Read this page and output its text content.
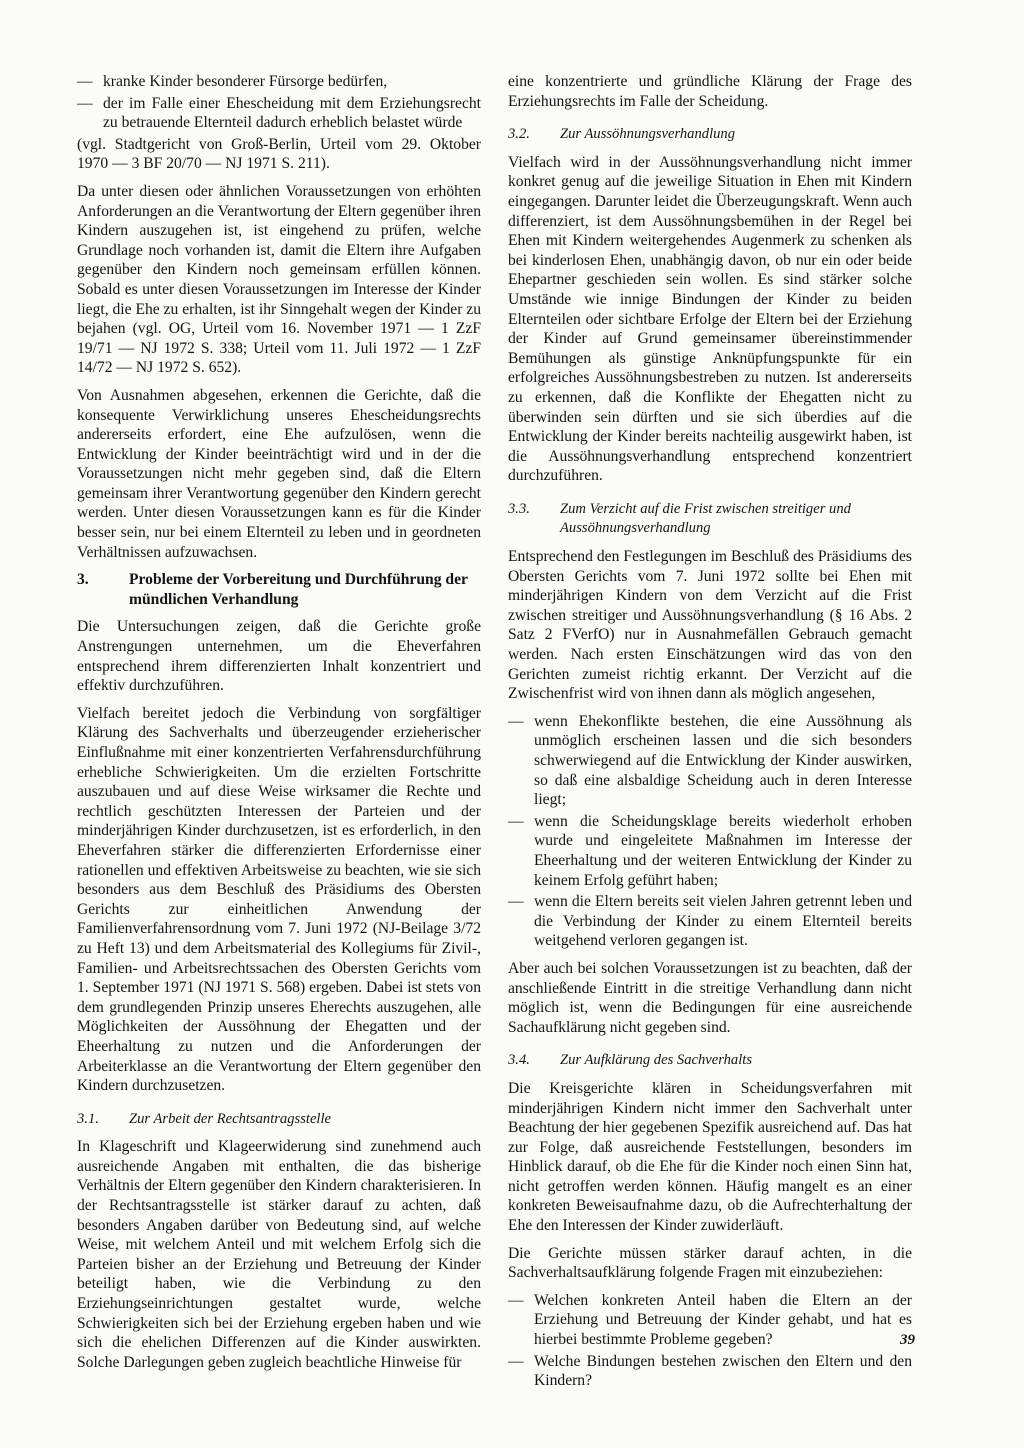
— kranke Kinder besonderer Fürsorge bedürfen,
— der im Falle einer Ehescheidung mit dem Erziehungsrecht zu betrauende Elternteil dadurch erheblich belastet würde

(vgl. Stadtgericht von Groß-Berlin, Urteil vom 29. Oktober 1970 — 3 BF 20/70 — NJ 1971 S. 211).

Da unter diesen oder ähnlichen Voraussetzungen von erhöhten Anforderungen an die Verantwortung der Eltern gegenüber ihren Kindern auszugehen ist, ist eingehend zu prüfen, welche Grundlage noch vorhanden ist, damit die Eltern ihre Aufgaben gegenüber den Kindern noch gemeinsam erfüllen können. Sobald es unter diesen Voraussetzungen im Interesse der Kinder liegt, die Ehe zu erhalten, ist ihr Sinngehalt wegen der Kinder zu bejahen (vgl. OG, Urteil vom 16. November 1971 — 1 ZzF 19/71 — NJ 1972 S. 338; Urteil vom 11. Juli 1972 — 1 ZzF 14/72 — NJ 1972 S. 652).

Von Ausnahmen abgesehen, erkennen die Gerichte, daß die konsequente Verwirklichung unseres Ehescheidungsrechts andererseits erfordert, eine Ehe aufzulösen, wenn die Entwicklung der Kinder beeinträchtigt wird und in der die Voraussetzungen nicht mehr gegeben sind, daß die Eltern gemeinsam ihrer Verantwortung gegenüber den Kindern gerecht werden. Unter diesen Voraussetzungen kann es für die Kinder besser sein, nur bei einem Elternteil zu leben und in geordneten Verhältnissen aufzuwachsen.

3.	Probleme der Vorbereitung und Durchführung der mündlichen Verhandlung

Die Untersuchungen zeigen, daß die Gerichte große Anstrengungen unternehmen, um die Eheverfahren entsprechend ihrem differenzierten Inhalt konzentriert und effektiv durchzuführen.

Vielfach bereitet jedoch die Verbindung von sorgfältiger Klärung des Sachverhalts und überzeugender erzieherischer Einflußnahme mit einer konzentrierten Verfahrensdurchführung erhebliche Schwierigkeiten. Um die erzielten Fortschritte auszubauen und auf diese Weise wirksamer die Rechte und rechtlich geschützten Interessen der Parteien und der minderjährigen Kinder durchzusetzen, ist es erforderlich, in den Eheverfahren stärker die differenzierten Erfordernisse einer rationellen und effektiven Arbeitsweise zu beachten, wie sie sich besonders aus dem Beschluß des Präsidiums des Obersten Gerichts zur einheitlichen Anwendung der Familienverfahrensordnung vom 7. Juni 1972 (NJ-Beilage 3/72 zu Heft 13) und dem Arbeitsmaterial des Kollegiums für Zivil-, Familien- und Arbeitsrechtssachen des Obersten Gerichts vom 1. September 1971 (NJ 1971 S. 568) ergeben. Dabei ist stets von dem grundlegenden Prinzip unseres Eherechts auszugehen, alle Möglichkeiten der Aussöhnung der Ehegatten und der Eheerhaltung zu nutzen und die Anforderungen der Arbeiterklasse an die Verantwortung der Eltern gegenüber den Kindern durchzusetzen.

3.1.	Zur Arbeit der Rechtsantragsstelle

In Klageschrift und Klageerwiderung sind zunehmend auch ausreichende Angaben mit enthalten, die das bisherige Verhältnis der Eltern gegenüber den Kindern charakterisieren. In der Rechtsantragsstelle ist stärker darauf zu achten, daß besonders Angaben darüber von Bedeutung sind, auf welche Weise, mit welchem Anteil und mit welchem Erfolg sich die Parteien bisher an der Erziehung und Betreuung der Kinder beteiligt haben, wie die Verbindung zu den Erziehungseinrichtungen gestaltet wurde, welche Schwierigkeiten sich bei der Erziehung ergeben haben und wie sich die ehelichen Differenzen auf die Kinder auswirkten. Solche Darlegungen geben zugleich beachtliche Hinweise für

eine konzentrierte und gründliche Klärung der Frage des Erziehungsrechts im Falle der Scheidung.

3.2.	Zur Aussöhnungsverhandlung

Vielfach wird in der Aussöhnungsverhandlung nicht immer konkret genug auf die jeweilige Situation in Ehen mit Kindern eingegangen. Darunter leidet die Überzeugungskraft. Wenn auch differenziert, ist dem Aussöhnungsbemühen in der Regel bei Ehen mit Kindern weitergehendes Augenmerk zu schenken als bei kinderlosen Ehen, unabhängig davon, ob nur ein oder beide Ehepartner geschieden sein wollen. Es sind stärker solche Umstände wie innige Bindungen der Kinder zu beiden Elternteilen oder sichtbare Erfolge der Eltern bei der Erziehung der Kinder auf Grund gemeinsamer übereinstimmender Bemühungen als günstige Anknüpfungspunkte für ein erfolgreiches Aussöhnungsbestreben zu nutzen. Ist andererseits zu erkennen, daß die Konflikte der Ehegatten nicht zu überwinden sein dürften und sie sich überdies auf die Entwicklung der Kinder bereits nachteilig ausgewirkt haben, ist die Aussöhnungsverhandlung entsprechend konzentriert durchzuführen.

3.3.	Zum Verzicht auf die Frist zwischen streitiger und Aussöhnungsverhandlung

Entsprechend den Festlegungen im Beschluß des Präsidiums des Obersten Gerichts vom 7. Juni 1972 sollte bei Ehen mit minderjährigen Kindern von dem Verzicht auf die Frist zwischen streitiger und Aussöhnungsverhandlung (§ 16 Abs. 2 Satz 2 FVerfO) nur in Ausnahmefällen Gebrauch gemacht werden. Nach ersten Einschätzungen wird das von den Gerichten zumeist richtig erkannt. Der Verzicht auf die Zwischenfrist wird von ihnen dann als möglich angesehen,

— wenn Ehekonflikte bestehen, die eine Aussöhnung als unmöglich erscheinen lassen und die sich besonders schwerwiegend auf die Entwicklung der Kinder auswirken, so daß eine alsbaldige Scheidung auch in deren Interesse liegt;
— wenn die Scheidungsklage bereits wiederholt erhoben wurde und eingeleitete Maßnahmen im Interesse der Eheerhaltung und der weiteren Entwicklung der Kinder zu keinem Erfolg geführt haben;
— wenn die Eltern bereits seit vielen Jahren getrennt leben und die Verbindung der Kinder zu einem Elternteil bereits weitgehend verloren gegangen ist.

Aber auch bei solchen Voraussetzungen ist zu beachten, daß der anschließende Eintritt in die streitige Verhandlung dann nicht möglich ist, wenn die Bedingungen für eine ausreichende Sachaufklärung nicht gegeben sind.

3.4.	Zur Aufklärung des Sachverhalts

Die Kreisgerichte klären in Scheidungsverfahren mit minderjährigen Kindern nicht immer den Sachverhalt unter Beachtung der hier gegebenen Spezifik ausreichend auf. Das hat zur Folge, daß ausreichende Feststellungen, besonders im Hinblick darauf, ob die Ehe für die Kinder noch einen Sinn hat, nicht getroffen werden können. Häufig mangelt es an einer konkreten Beweisaufnahme dazu, ob die Aufrechterhaltung der Ehe den Interessen der Kinder zuwiderläuft.

Die Gerichte müssen stärker darauf achten, in die Sachverhaltsaufklärung folgende Fragen mit einzubeziehen:

— Welchen konkreten Anteil haben die Eltern an der Erziehung und Betreuung der Kinder gehabt, und hat es hierbei bestimmte Probleme gegeben?
— Welche Bindungen bestehen zwischen den Eltern und den Kindern?
39
